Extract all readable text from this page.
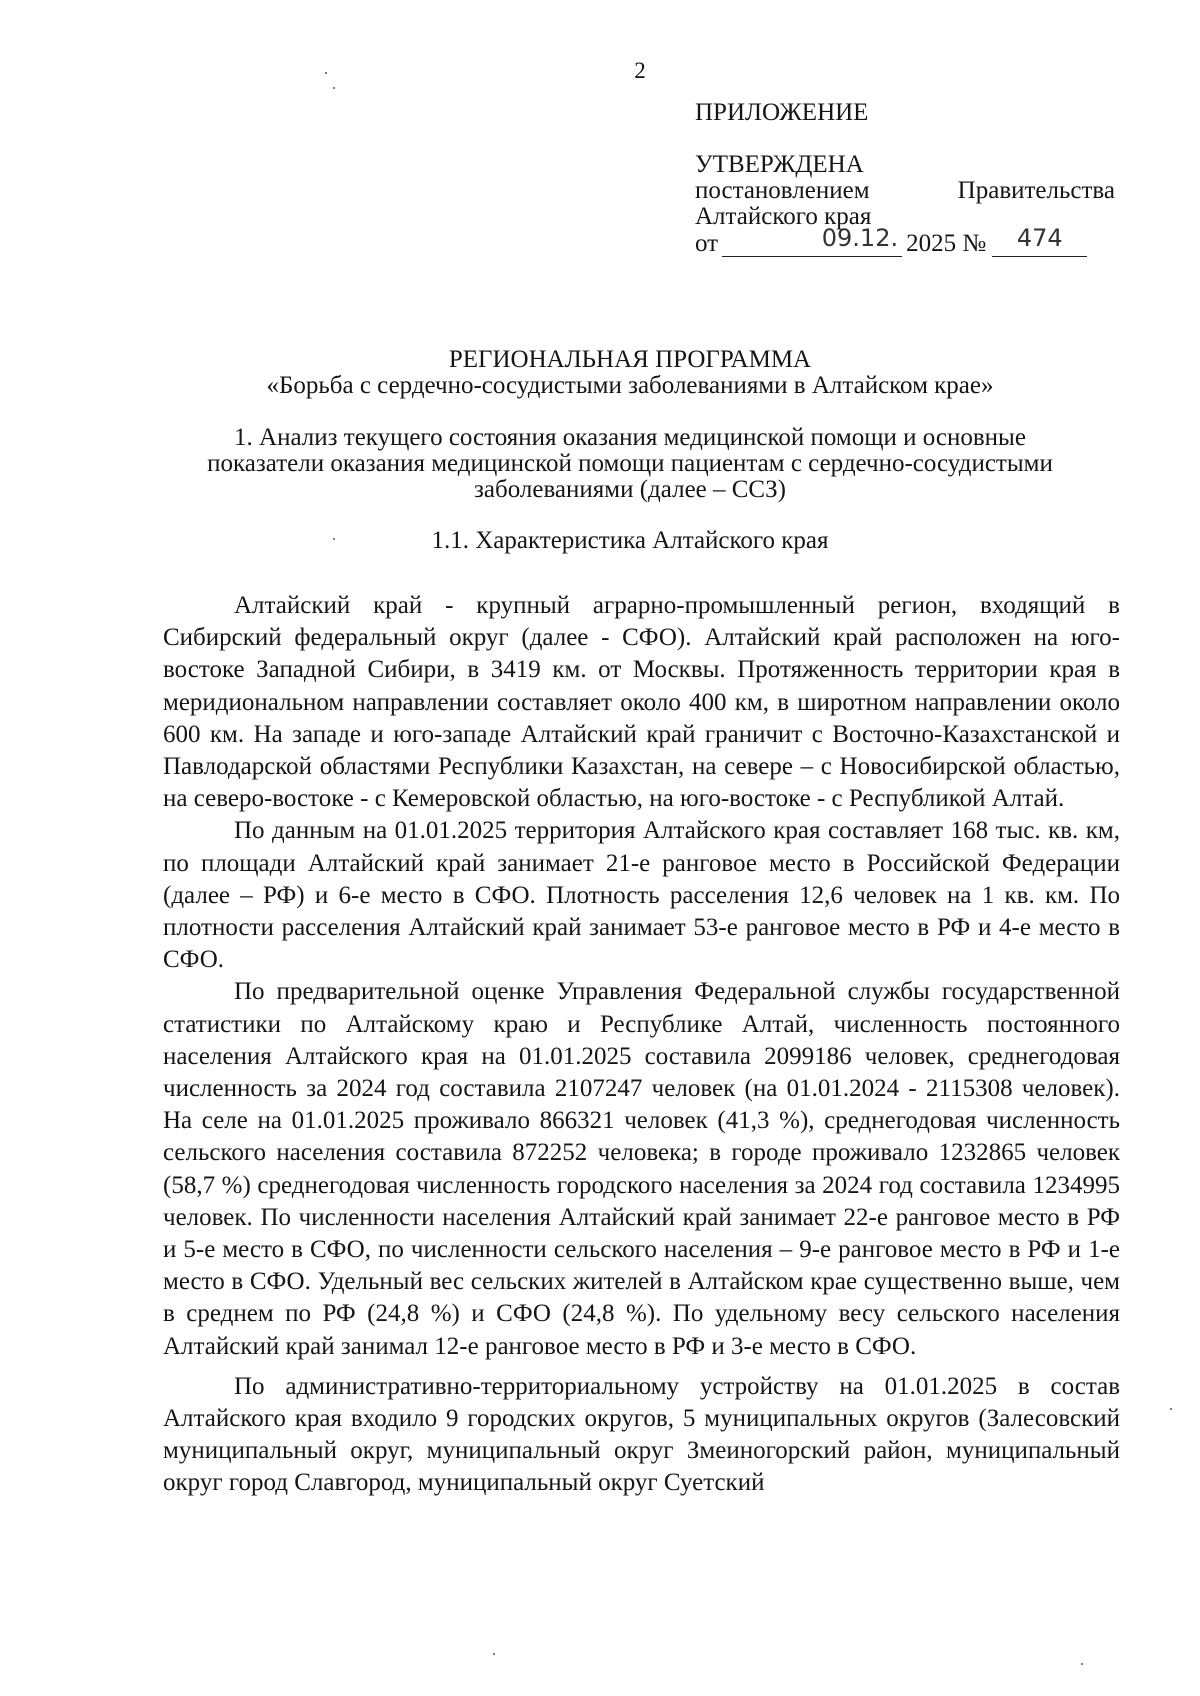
2
ПРИЛОЖЕНИЕ
УТВЕРЖДЕНА
постановлением	Правительства
Алтайского края
от	09.12. 2025 №	474
РЕГИОНАЛЬНАЯ ПРОГРАММА
«Борьба с сердечно-сосудистыми заболеваниями в Алтайском крае»
1. Анализ текущего состояния оказания медицинской помощи и основные
показатели оказания медицинской помощи пациентам с сердечно-сосудистыми
заболеваниями (далее – ССЗ)
1.1. Характеристика Алтайского края

Алтайский край - крупный аграрно-промышленный регион, входящий в Сибирский федеральный округ (далее - СФО). Алтайский край расположен на юго-востоке Западной Сибири, в 3419 км. от Москвы. Протяженность территории края в меридиональном направлении составляет около 400 км, в широтном направлении около 600 км. На западе и юго-западе Алтайский край граничит с Восточно-Казахстанской и Павлодарской областями Республики Казахстан, на севере – с Новосибирской областью, на северо-востоке - с Кемеровской областью, на юго-востоке - с Республикой Алтай.

По данным на 01.01.2025 территория Алтайского края составляет 168 тыс. кв. км, по площади Алтайский край занимает 21-е ранговое место в Российской Федерации (далее – РФ) и 6-е место в СФО. Плотность расселения 12,6 человек на 1 кв. км. По плотности расселения Алтайский край занимает 53-е ранговое место в РФ и 4-е место в СФО.

По предварительной оценке Управления Федеральной службы государственной статистики по Алтайскому краю и Республике Алтай, численность постоянного населения Алтайского края на 01.01.2025 составила 2099186 человек, среднегодовая численность за 2024 год составила 2107247 человек (на 01.01.2024 - 2115308 человек). На селе на 01.01.2025 проживало 866321 человек (41,3 %), среднегодовая численность сельского населения составила 872252 человека; в городе проживало 1232865 человек (58,7 %) среднегодовая численность городского населения за 2024 год составила 1234995 человек. По численности населения Алтайский край занимает 22-е ранговое место в РФ и 5-е место в СФО, по численности сельского населения – 9-е ранговое место в РФ и 1-е место в СФО. Удельный вес сельских жителей в Алтайском крае существенно выше, чем в среднем по РФ (24,8 %) и СФО (24,8 %). По удельному весу сельского населения Алтайский край занимал 12-е ранговое место в РФ и 3-е место в СФО.

По административно-территориальному устройству на 01.01.2025 в состав Алтайского края входило 9 городских округов, 5 муниципальных округов (Залесовский муниципальный округ, муниципальный округ Змеиногорский район, муниципальный округ город Славгород, муниципальный округ Суетский
